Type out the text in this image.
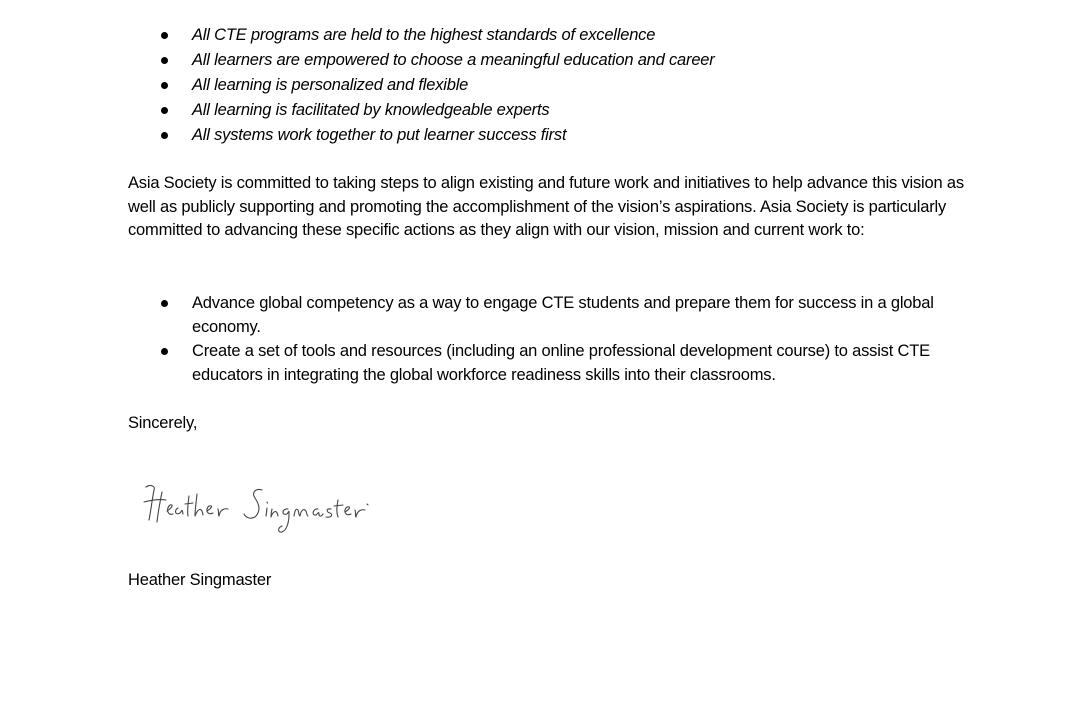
All CTE programs are held to the highest standards of excellence
All learners are empowered to choose a meaningful education and career
All learning is personalized and flexible
All learning is facilitated by knowledgeable experts
All systems work together to put learner success first

Asia Society is committed to taking steps to align existing and future work and initiatives to help advance this vision as well as publicly supporting and promoting the accomplishment of the vision’s aspirations. Asia Society is particularly committed to advancing these specific actions as they align with our vision, mission and current work to:

Advance global competency as a way to engage CTE students and prepare them for success in a global economy.
Create a set of tools and resources (including an online professional development course) to assist CTE educators in integrating the global workforce readiness skills into their classrooms.
Sincerely,
Heather Singmaster
